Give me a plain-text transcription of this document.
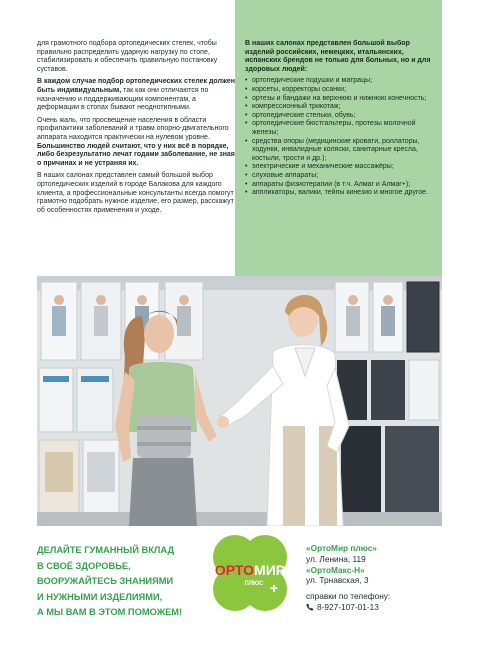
для грамотного подбора ортопедических стелек, чтобы правильно распределить ударную нагрузку по стопе, стабилизировать и обеспечить правильную постановку суставов.

В каждом случае подбор ортопедических стелек должен быть индивидуальным, так как они отличаются по назначению и поддерживающим компонентам, а деформации в стопах бывают неоднотипными.

Очень жаль, что просвещение населения в области профилактики заболеваний и травм опорно-двигательного аппарата находится практически на нулевом уровне. Большинство людей считают, что у них всё в порядке, либо безрезультатно лечат годами заболевание, не зная о причинах и не устраняя их.

В наших салонах представлен самый большой выбор ортопедических изделий в городе Балакова для каждого клиента, а профессиональные консультанты всегда помогут грамотно подобрать нужное изделие, его размер, расскажут об особенностях применения и уходе.

В наших салонах представлен большой выбор изделий российских, немецких, итальянских, испанских брендов не только для больных, но и для здоровых людей:

• ортопедические подушки и матрацы;
• корсеты, корректоры осанки;
• ортезы и бандажи на верхнюю и нижнюю конечность;
• компрессионный трикотаж;
• ортопедические стельки, обувь;
• ортопедические бюстгальтеры, протезы молочной железы;
• средства опоры (медицинские кровати, роллаторы, ходунки, инвалидные коляски, санитарные кресла, костыли, трости и др.);
• электрические и механические массажёры;
• слуховые аппараты;
• аппараты физиотерапии (в т.ч. Алмаг и Алмаг+);
• аппликаторы, валики, тейпы кинезио и многое другое.
ДЕЛАЙТЕ ГУМАННЫЙ ВКЛАД
В СВОЁ ЗДОРОВЬЕ,
ВООРУЖАЙТЕСЬ ЗНАНИЯМИ
И НУЖНЫМИ ИЗДЕЛИЯМИ,
А МЫ ВАМ В ЭТОМ ПОМОЖЕМ!
ОРТОМИР
ПЛЮС +
«ОртоМир плюс»
ул. Ленина, 119
«ОртоМакс-Н»
ул. Трнавская, 3
справки по телефону:
8-927-107-01-13
